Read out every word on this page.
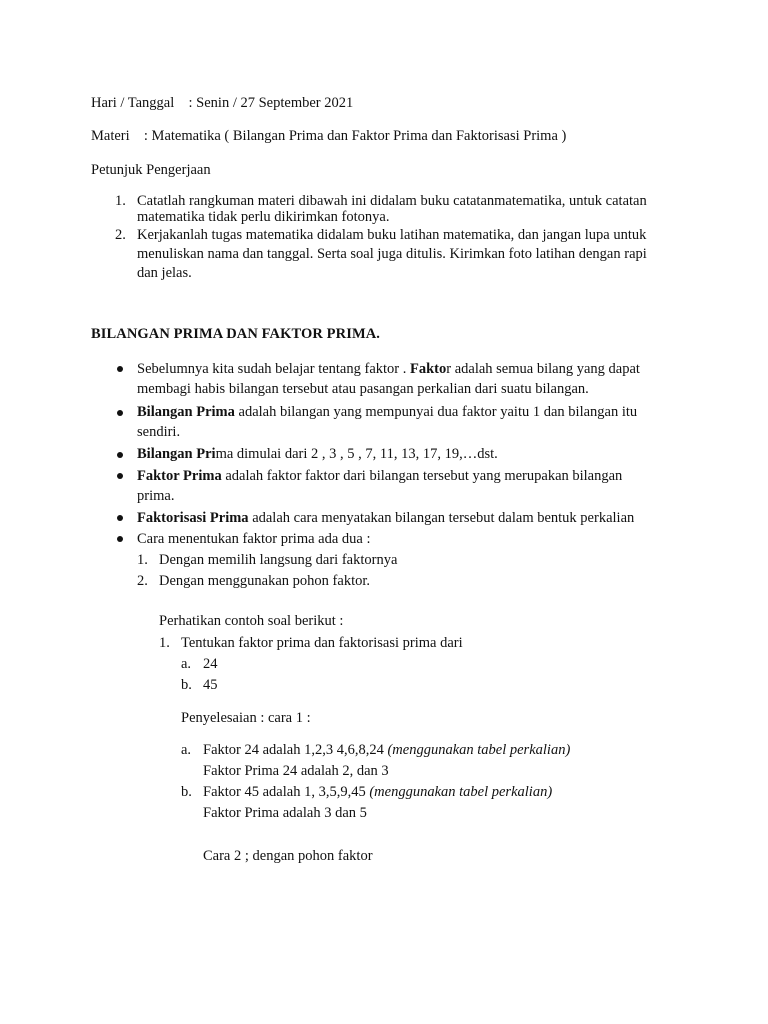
Hari / Tanggal : Senin / 27 September 2021
Materi : Matematika ( Bilangan Prima dan Faktor Prima dan Faktorisasi Prima )
Petunjuk Pengerjaan
1. Catatlah rangkuman materi dibawah ini didalam buku catatanmatematika, untuk catatan
matematika tidak perlu dikirimkan fotonya.
2. Kerjakanlah tugas matematika didalam buku latihan matematika, dan jangan lupa untuk
menuliskan nama dan tanggal. Serta soal juga ditulis. Kirimkan foto latihan dengan rapi
dan jelas.
BILANGAN PRIMA DAN FAKTOR PRIMA.
Sebelumnya kita sudah belajar tentang faktor . Faktor adalah semua bilang yang dapat
membagi habis bilangan tersebut atau pasangan perkalian dari suatu bilangan.
Bilangan Prima adalah bilangan yang mempunyai dua faktor yaitu 1 dan bilangan itu
sendiri.
Bilangan Prima dimulai dari 2 , 3 , 5 , 7, 11, 13, 17, 19,…dst.
Faktor Prima adalah faktor faktor dari bilangan tersebut yang merupakan bilangan
prima.
Faktorisasi Prima adalah cara menyatakan bilangan tersebut dalam bentuk perkalian
Cara menentukan faktor prima ada dua :
1. Dengan memilih langsung dari faktornya
2. Dengan menggunakan pohon faktor.
Perhatikan contoh soal berikut :
1. Tentukan faktor prima dan faktorisasi prima dari
a. 24
b. 45
Penyelesaian : cara 1 :
a. Faktor 24 adalah 1,2,3 4,6,8,24 (menggunakan tabel perkalian)
Faktor Prima 24 adalah 2, dan 3
b. Faktor 45 adalah 1, 3,5,9,45 (menggunakan tabel perkalian)
Faktor Prima adalah 3 dan 5
Cara 2 ; dengan pohon faktor
